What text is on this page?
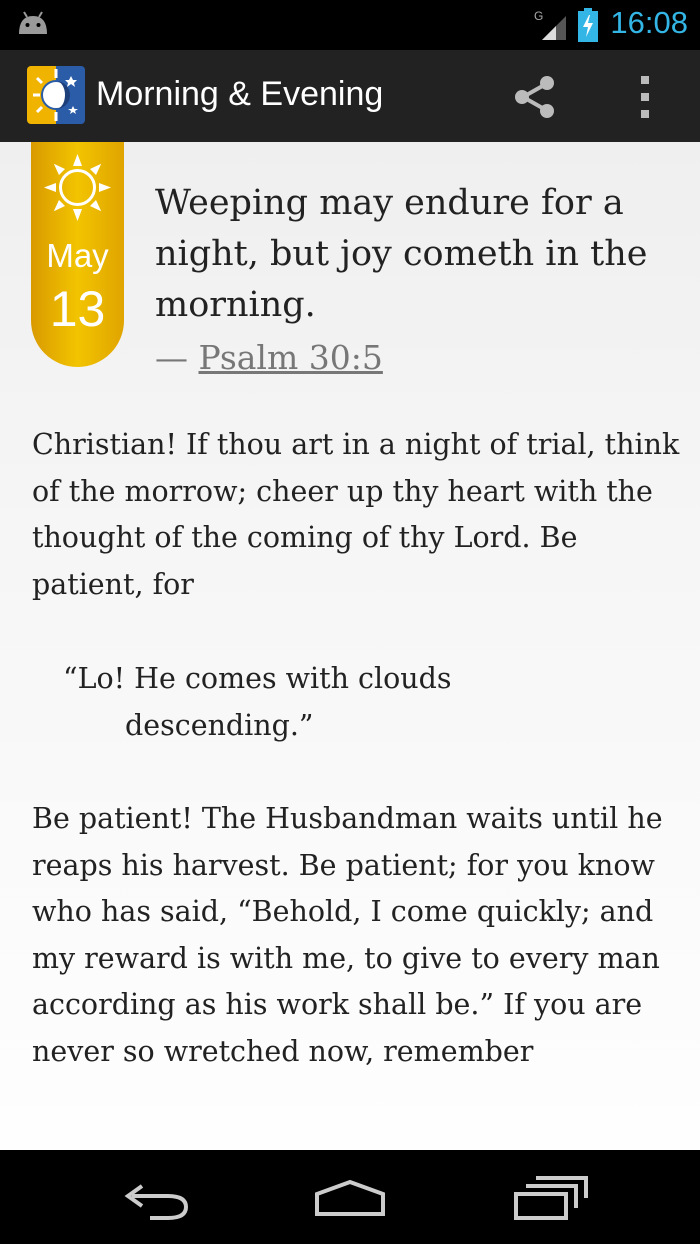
G 16:08
Morning & Evening
May
13
Weeping may endure for a night, but joy cometh in the morning.
— Psalm 30:5

Christian! If thou art in a night of trial, think of the morrow; cheer up thy heart with the thought of the coming of thy Lord. Be patient, for

“Lo! He comes with clouds

descending.”

Be patient! The Husbandman waits until he reaps his harvest. Be patient; for you know who has said, “Behold, I come quickly; and my reward is with me, to give to every man according as his work shall be.” If you are never so wretched now, remember
